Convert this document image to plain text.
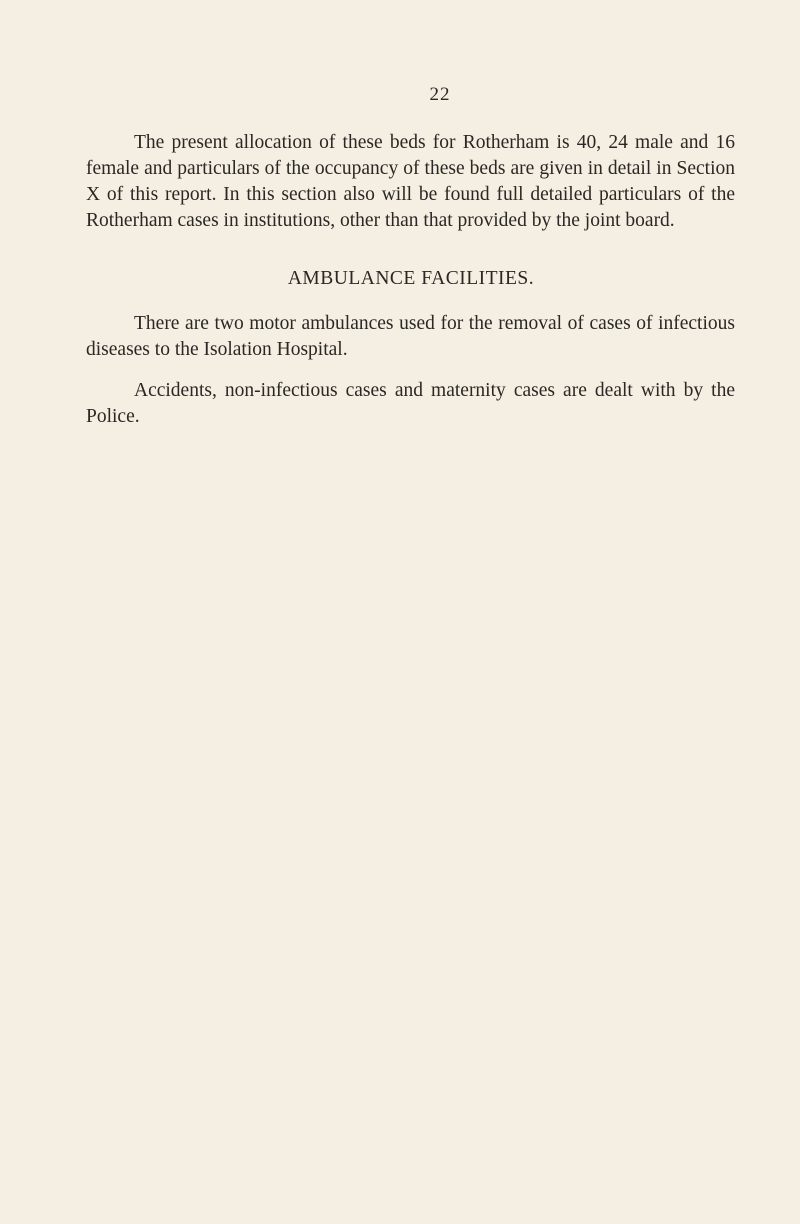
22

The present allocation of these beds for Rotherham is 40, 24 male and 16 female and particulars of the occupancy of these beds are given in detail in Section X of this report. In this section also will be found full detailed particulars of the Rotherham cases in institutions, other than that provided by the joint board.

AMBULANCE FACILITIES.

There are two motor ambulances used for the removal of cases of infectious diseases to the Isolation Hospital.

Accidents, non-infectious cases and maternity cases are dealt with by the Police.
